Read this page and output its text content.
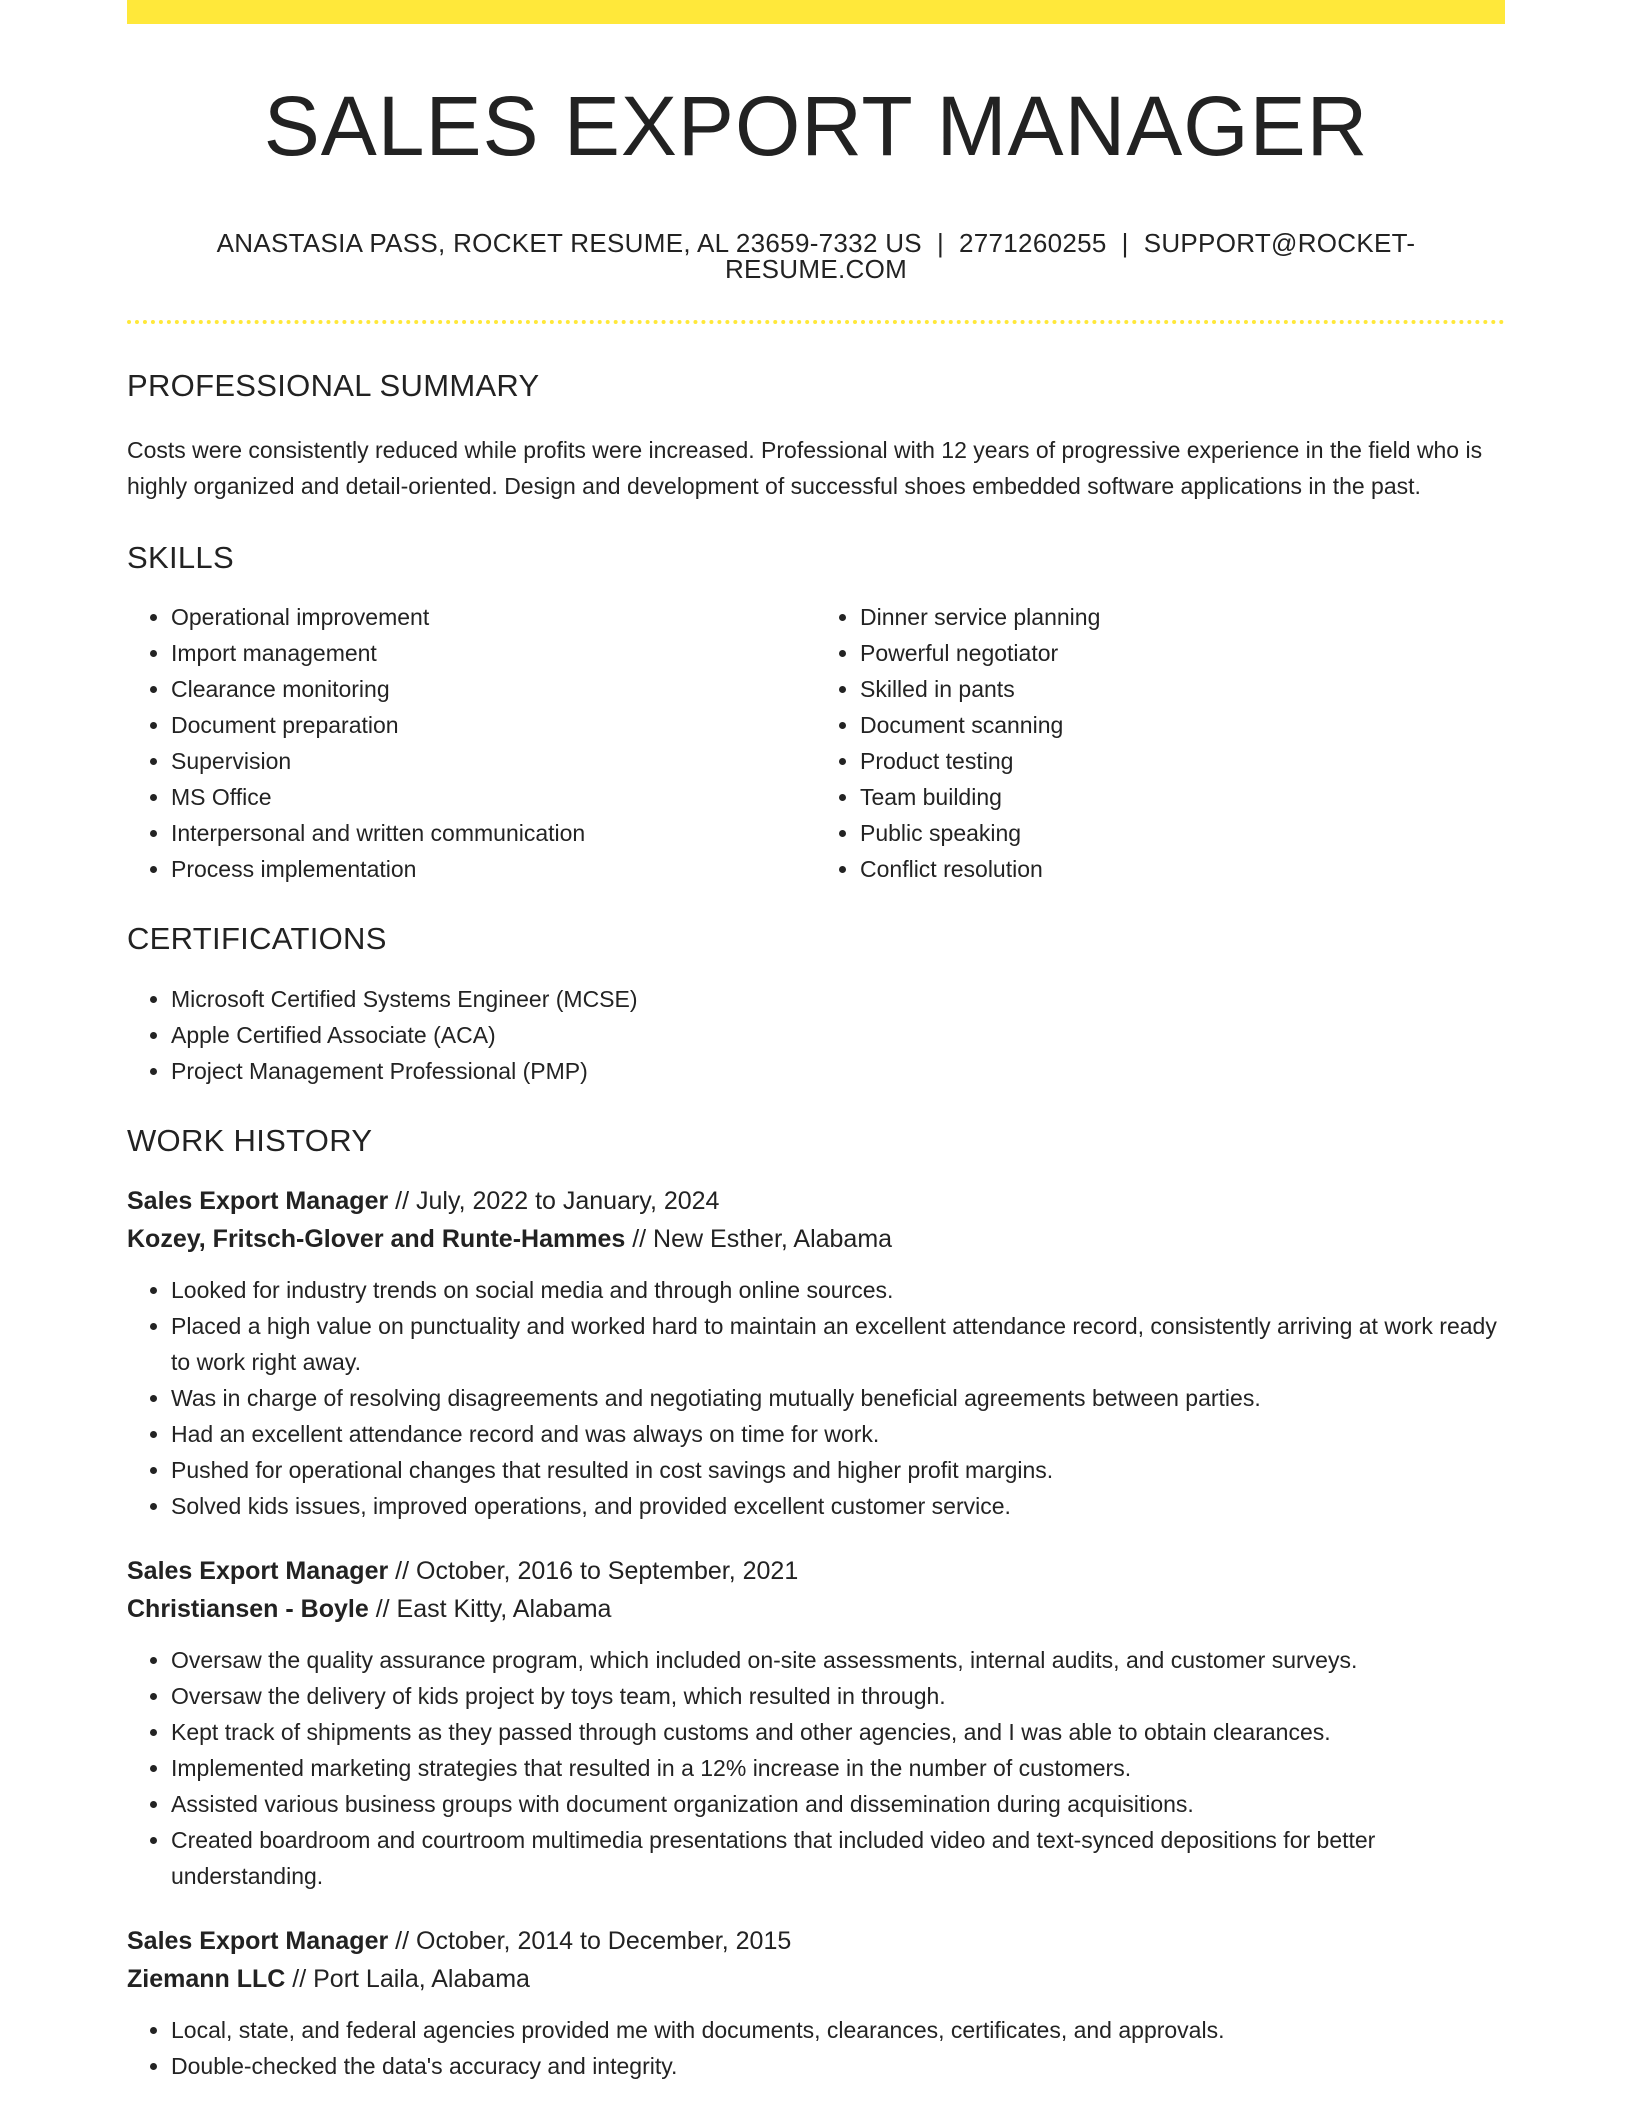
SALES EXPORT MANAGER
ANASTASIA PASS, ROCKET RESUME, AL 23659-7332 US | 2771260255 | SUPPORT@ROCKET-RESUME.COM
PROFESSIONAL SUMMARY

Costs were consistently reduced while profits were increased. Professional with 12 years of progressive experience in the field who is highly organized and detail-oriented. Design and development of successful shoes embedded software applications in the past.

SKILLS
• Operational improvement
• Import management
• Clearance monitoring
• Document preparation
• Supervision
• MS Office
• Interpersonal and written communication
• Process implementation
• Dinner service planning
• Powerful negotiator
• Skilled in pants
• Document scanning
• Product testing
• Team building
• Public speaking
• Conflict resolution
CERTIFICATIONS
• Microsoft Certified Systems Engineer (MCSE)
• Apple Certified Associate (ACA)
• Project Management Professional (PMP)
WORK HISTORY
Sales Export Manager // July, 2022 to January, 2024
Kozey, Fritsch-Glover and Runte-Hammes // New Esther, Alabama
• Looked for industry trends on social media and through online sources.
• Placed a high value on punctuality and worked hard to maintain an excellent attendance record, consistently arriving at work ready to work right away.
• Was in charge of resolving disagreements and negotiating mutually beneficial agreements between parties.
• Had an excellent attendance record and was always on time for work.
• Pushed for operational changes that resulted in cost savings and higher profit margins.
• Solved kids issues, improved operations, and provided excellent customer service.
Sales Export Manager // October, 2016 to September, 2021
Christiansen - Boyle // East Kitty, Alabama
• Oversaw the quality assurance program, which included on-site assessments, internal audits, and customer surveys.
• Oversaw the delivery of kids project by toys team, which resulted in through.
• Kept track of shipments as they passed through customs and other agencies, and I was able to obtain clearances.
• Implemented marketing strategies that resulted in a 12% increase in the number of customers.
• Assisted various business groups with document organization and dissemination during acquisitions.
• Created boardroom and courtroom multimedia presentations that included video and text-synced depositions for better understanding.
Sales Export Manager // October, 2014 to December, 2015
Ziemann LLC // Port Laila, Alabama
• Local, state, and federal agencies provided me with documents, clearances, certificates, and approvals.
• Double-checked the data's accuracy and integrity.
